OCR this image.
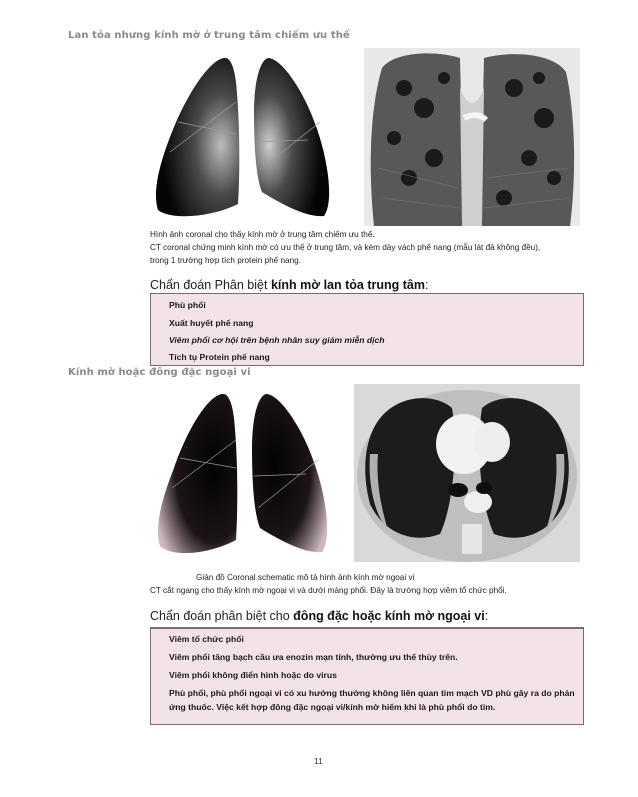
Lan tỏa nhưng kính mờ ở trung tâm chiếm ưu thế
Hình ảnh coronal cho thấy kính mờ ở trung tâm chiếm ưu thế.
CT coronal chứng minh kính mờ có ưu thế ở trung tâm, và kèm dày vách phế nang (mẫu lát đá không đều),
trong 1 trường hợp tích protein phế nang.
Chẩn đoán Phân biệt kính mờ lan tỏa trung tâm:
Phù phổi
Xuất huyết phế nang
Viêm phổi cơ hội trên bệnh nhân suy giảm miễn dịch
Tích tụ Protein phế nang
Kính mờ hoặc đông đặc ngoại vi
Giản đồ Coronal schematic mô tả hình ảnh kính mờ ngoại vi
CT cắt ngang cho thấy kính mờ ngoại vi và dưới màng phổi. Đây là trường hợp viêm tổ chức phổi.
Chẩn đoán phân biệt cho đông đặc hoặc kính mờ ngoại vi:
Viêm tổ chức phổi
Viêm phổi tăng bạch cầu ưa enozin mạn tính, thường ưu thế thùy trên.
Viêm phổi không điển hình hoặc do virus
Phù phổi, phù phổi ngoại vi có xu hướng thường không liên quan tim mạch VD phù gây ra do phản
ứng thuốc. Việc kết hợp đông đặc ngoại vi/kính mờ hiếm khi là phù phổi do tim.
11
